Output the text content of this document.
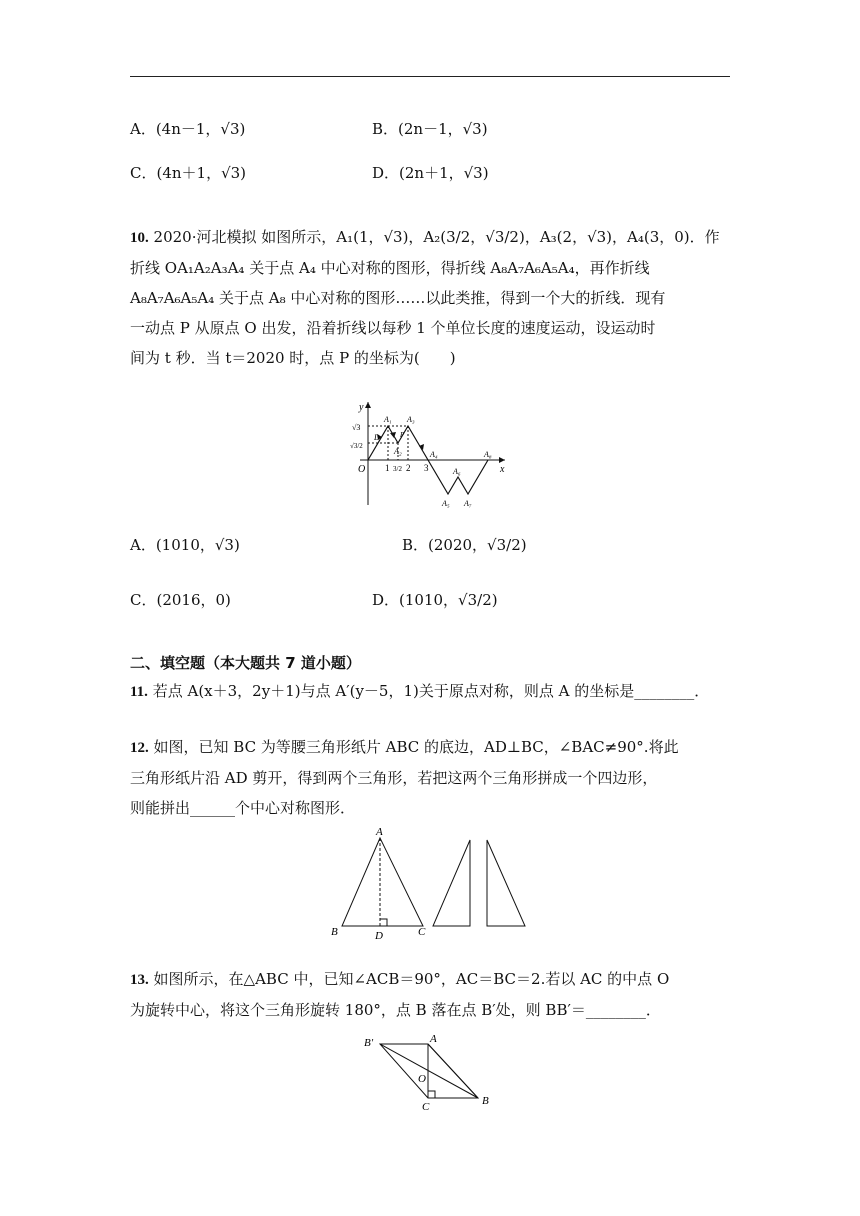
A．(4n－1，√3)	B．(2n－1，√3)
C．(4n＋1，√3)	D．(2n＋1，√3)
10. 2020·河北模拟 如图所示，A₁(1，√3)，A₂(3/2，√3/2)，A₃(2，√3)，A₄(3，0)．作
折线 OA₁A₂A₃A₄ 关于点 A₄ 中心对称的图形，得折线 A₈A₇A₆A₅A₄，再作折线
A₈A₇A₆A₅A₄ 关于点 A₈ 中心对称的图形……以此类推，得到一个大的折线．现有
一动点 P 从原点 O 出发，沿着折线以每秒 1 个单位长度的速度运动，设运动时
间为 t 秒．当 t＝2020 时，点 P 的坐标为(　　)
y
x
O
√3
√3/2
A₁ A₃
A₂
D	P
A₄	A₈
A₆
A₅ A₇
1 3/2 2 3
A．(1010，√3)	B．(2020，√3/2)
C．(2016，0)	D．(1010，√3/2)
二、填空题（本大题共 7 道小题）
11. 若点 A(x＋3，2y＋1)与点 A′(y－5，1)关于原点对称，则点 A 的坐标是________．
12. 如图，已知 BC 为等腰三角形纸片 ABC 的底边，AD⊥BC，∠BAC≠90°.将此
三角形纸片沿 AD 剪开，得到两个三角形，若把这两个三角形拼成一个四边形，
则能拼出______个中心对称图形．
A
B	D	C
13. 如图所示，在△ABC 中，已知∠ACB＝90°，AC＝BC＝2.若以 AC 的中点 O
为旋转中心，将这个三角形旋转 180°，点 B 落在点 B′处，则 BB′＝________．
B′	A
O
C	B
